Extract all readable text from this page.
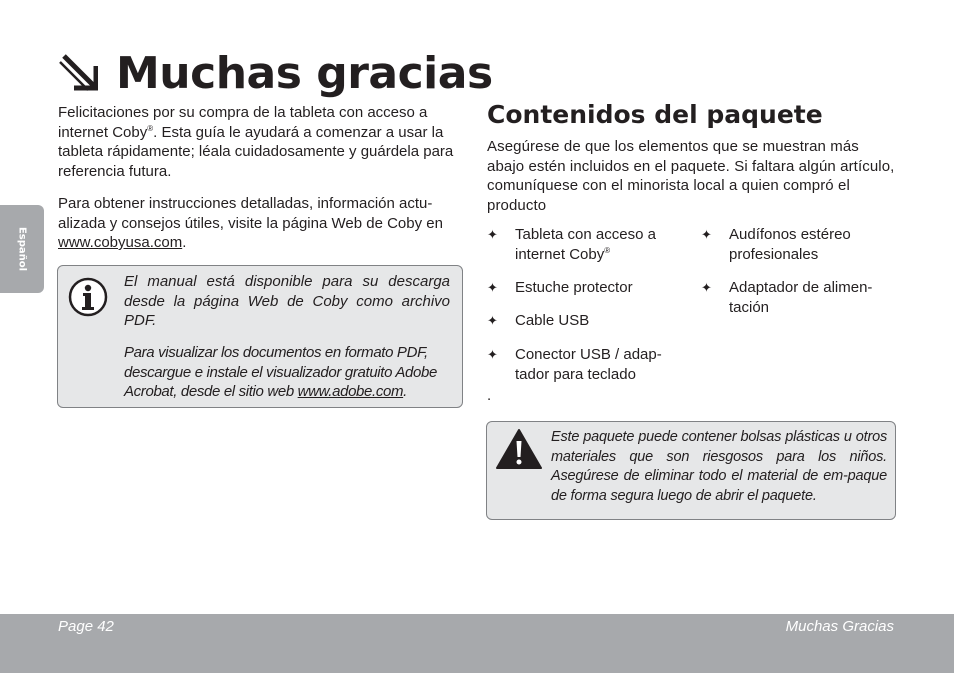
Español
Muchas gracias
Felicitaciones por su compra de la tableta con acceso a internet Coby®. Esta guía le ayudará a comenzar a usar la tableta rápidamente; léala cuidadosamente y guárdela para referencia futura.
Para obtener instrucciones detalladas, información actu-alizada y consejos útiles, visite la página Web de Coby en www.cobyusa.com.
El manual está disponible para su descarga desde la página Web de Coby como archivo PDF.
Para visualizar los documentos en formato PDF, descargue e instale el visualizador gratuito Adobe Acrobat, desde el sitio web www.adobe.com.
Contenidos del paquete
Asegúrese de que los elementos que se muestran más abajo estén incluidos en el paquete. Si faltara algún artículo, comuníquese con el minorista local a quien compró el producto
✦ Tableta con acceso a
internet Coby®
✦ Estuche protector
✦ Cable USB
✦ Conector USB / adap-
tador para teclado
✦ Audífonos estéreo
profesionales
✦ Adaptador de alimen-
tación
.
Este paquete puede contener bolsas plásticas u otros materiales que son riesgosos para los niños. Asegúrese de eliminar todo el material de em-paque de forma segura luego de abrir el paquete.
Page 42	Muchas Gracias
